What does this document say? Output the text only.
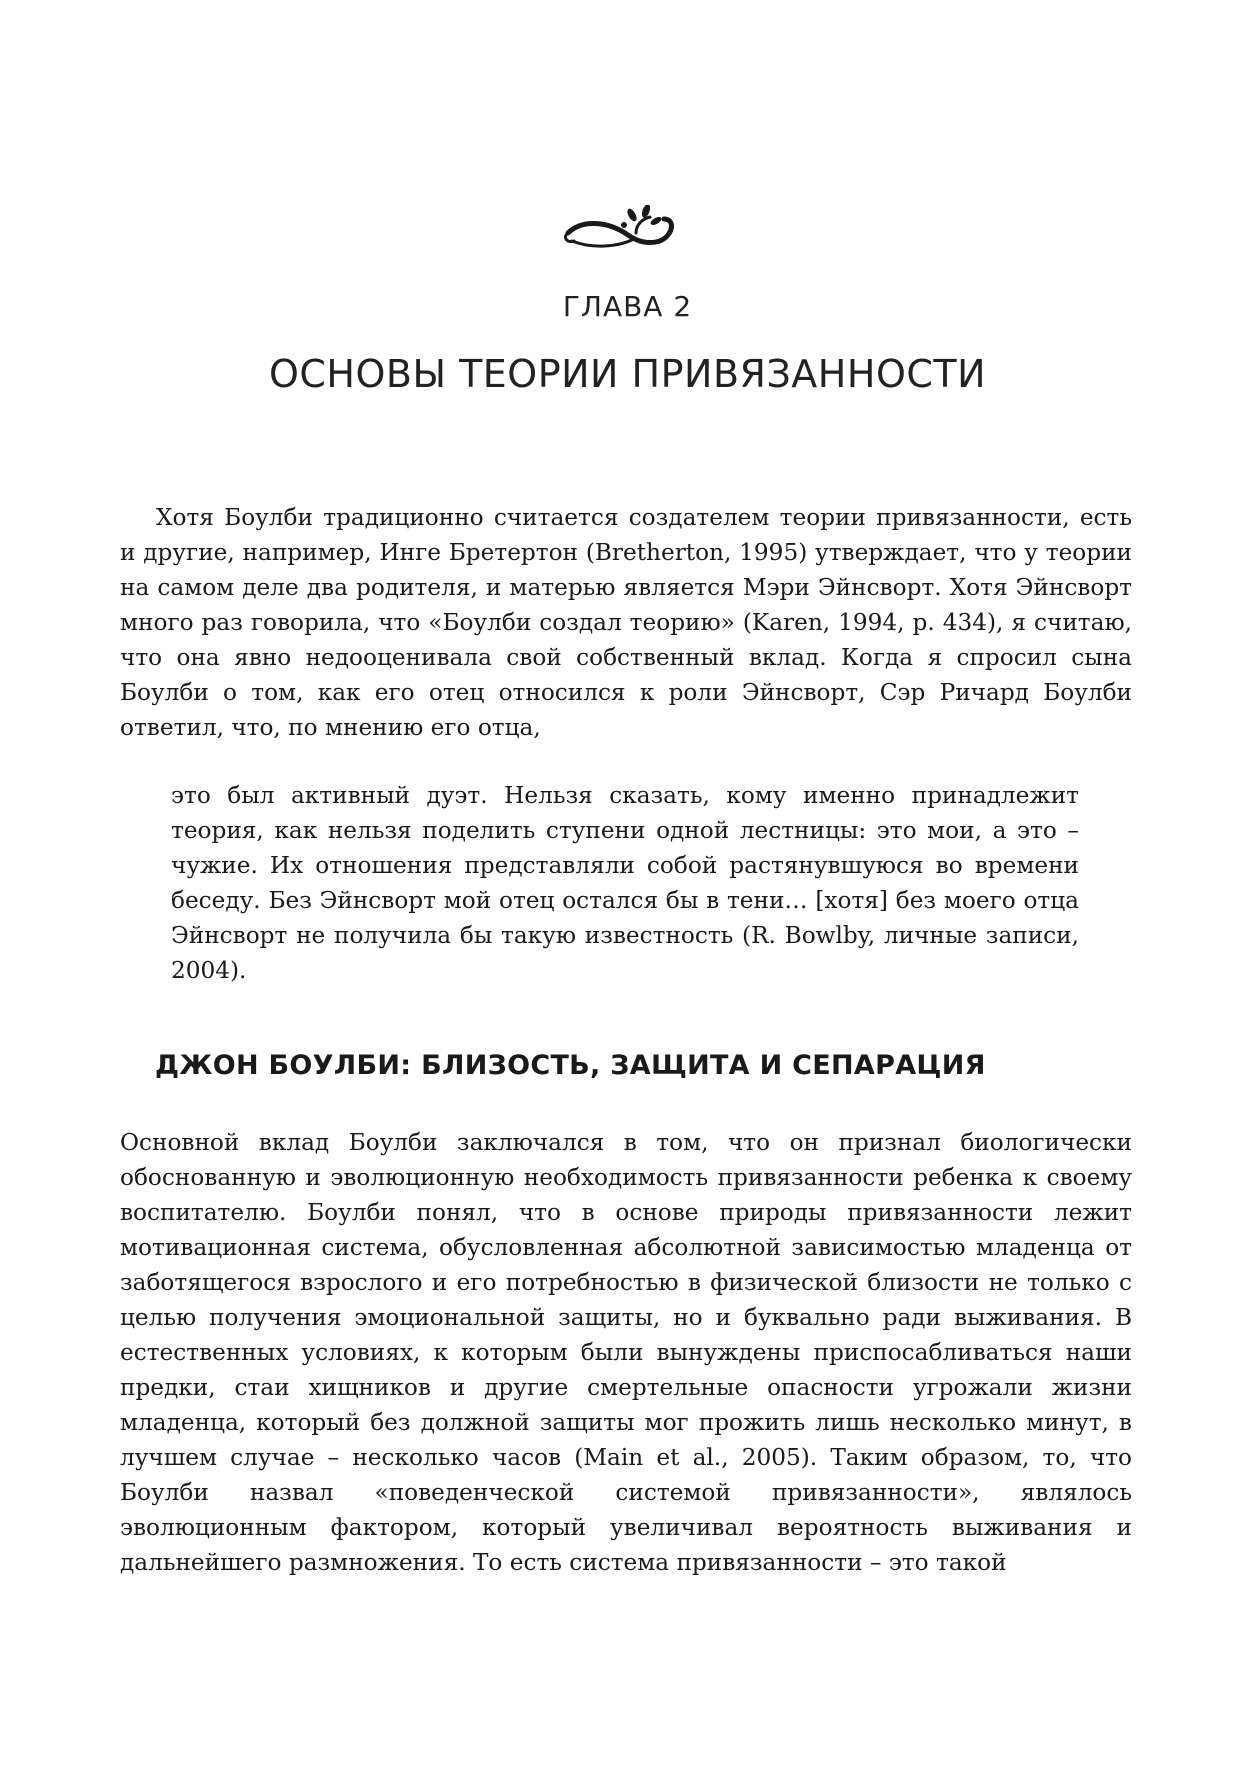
ГЛАВА 2
ОСНОВЫ ТЕОРИИ ПРИВЯЗАННОСТИ

Хотя Боулби традиционно считается создателем теории привязанности, есть и другие, например, Инге Бретертон (Bretherton, 1995) утверждает, что у теории на самом деле два родителя, и матерью является Мэри Эйнсворт. Хотя Эйнсворт много раз говорила, что «Боулби создал теорию» (Karen, 1994, p. 434), я считаю, что она явно недооценивала свой собственный вклад. Когда я спросил сына Боулби о том, как его отец относился к роли Эйнсворт, Сэр Ричард Боулби ответил, что, по мнению его отца,

это был активный дуэт. Нельзя сказать, кому именно принадлежит теория, как нельзя поделить ступени одной лестницы: это мои, а это – чужие. Их отношения представляли собой растянувшуюся во времени беседу. Без Эйнсворт мой отец остался бы в тени… [хотя] без моего отца Эйнсворт не получила бы такую известность (R. Bowlby, личные записи, 2004).

ДЖОН БОУЛБИ: БЛИЗОСТЬ, ЗАЩИТА И СЕПАРАЦИЯ

Основной вклад Боулби заключался в том, что он признал биологически обоснованную и эволюционную необходимость привязанности ребенка к своему воспитателю. Боулби понял, что в основе природы привязанности лежит мотивационная система, обусловленная абсолютной зависимостью младенца от заботящегося взрослого и его потребностью в физической близости не только с целью получения эмоциональной защиты, но и буквально ради выживания. В естественных условиях, к которым были вынуждены приспосабливаться наши предки, стаи хищников и другие смертельные опасности угрожали жизни младенца, который без должной защиты мог прожить лишь несколько минут, в лучшем случае – несколько часов (Main et al., 2005). Таким образом, то, что Боулби назвал «поведенческой системой привязанности», являлось эволюционным фактором, который увеличивал вероятность выживания и дальнейшего размножения. То есть система привязанности – это такой
